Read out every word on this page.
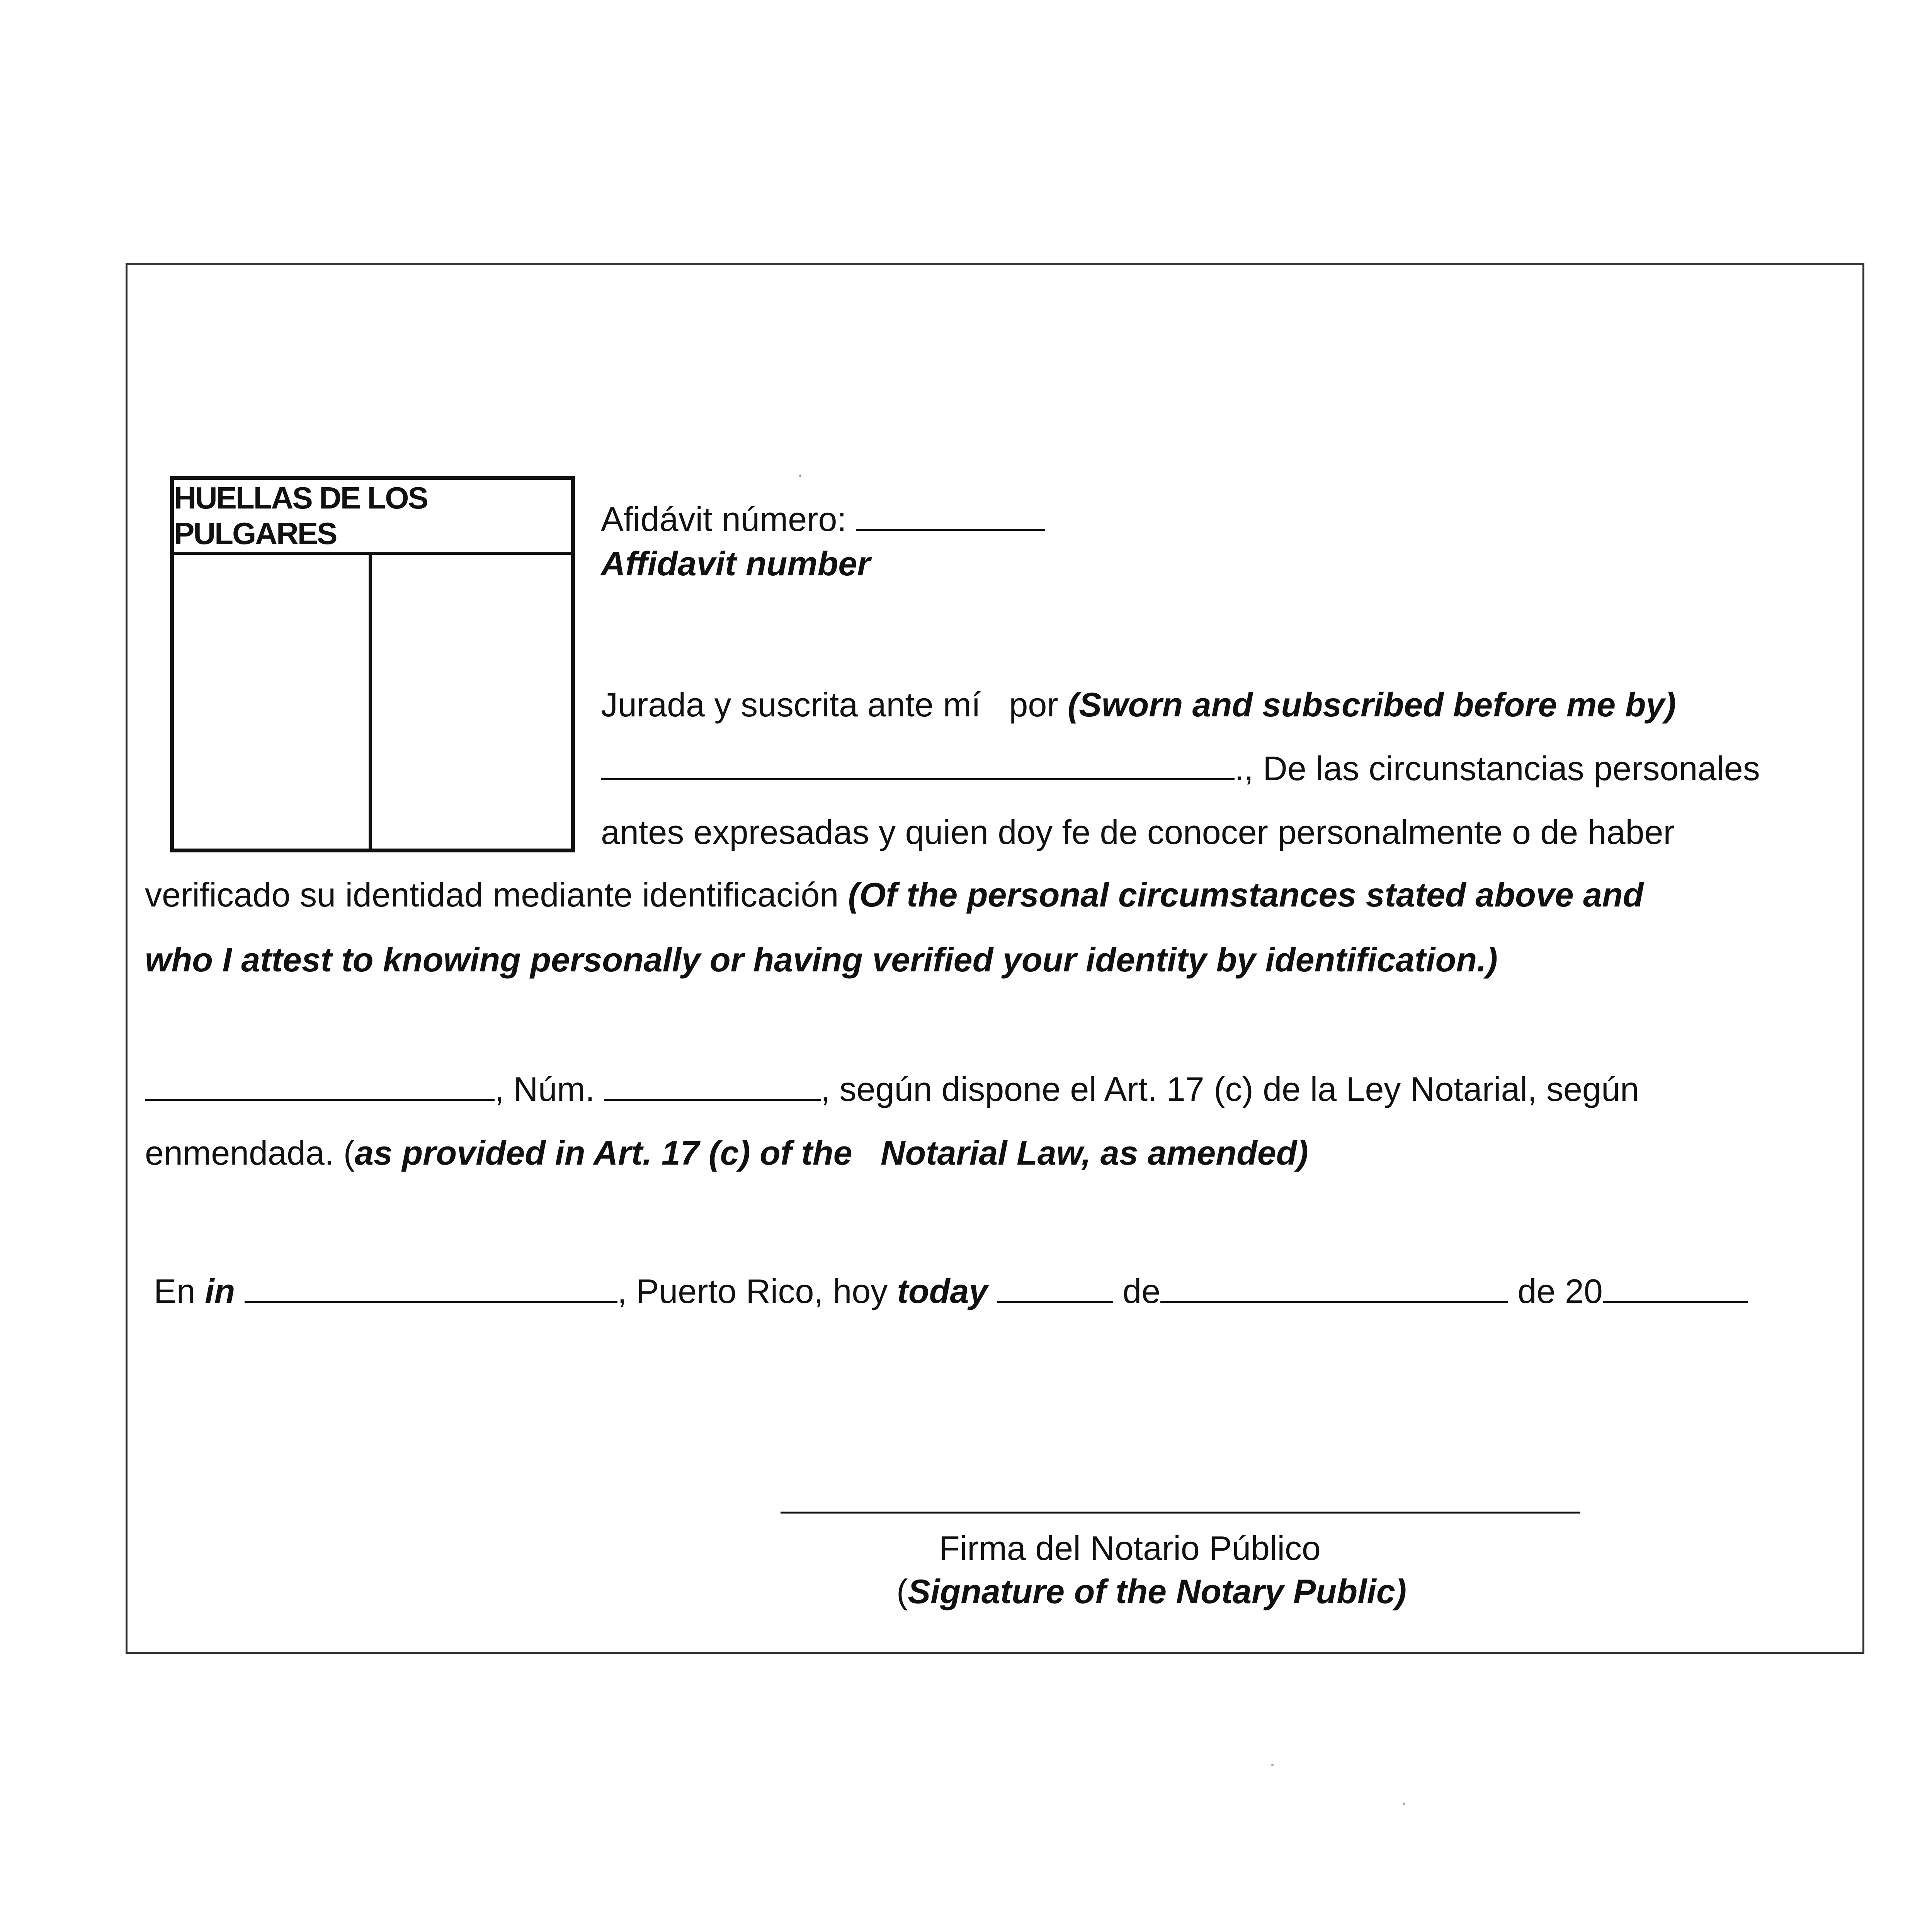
HUELLAS DE LOS PULGARES	Afidávit número:
Affidavit number
Jurada y suscrita ante mí   por (Sworn and subscribed before me by)
., De las circunstancias personales
antes expresadas y quien doy fe de conocer personalmente o de haber
verificado su identidad mediante identificación (Of the personal circumstances stated above and
who I attest to knowing personally or having verified your identity by identification.)
, Núm.	, según dispone el Art. 17 (c) de la Ley Notarial, según
enmendada. (as provided in Art. 17 (c) of the   Notarial Law, as amended)
En in	, Puerto Rico, hoy today	de	de 20
Firma del Notario Público
(Signature of the Notary Public)
